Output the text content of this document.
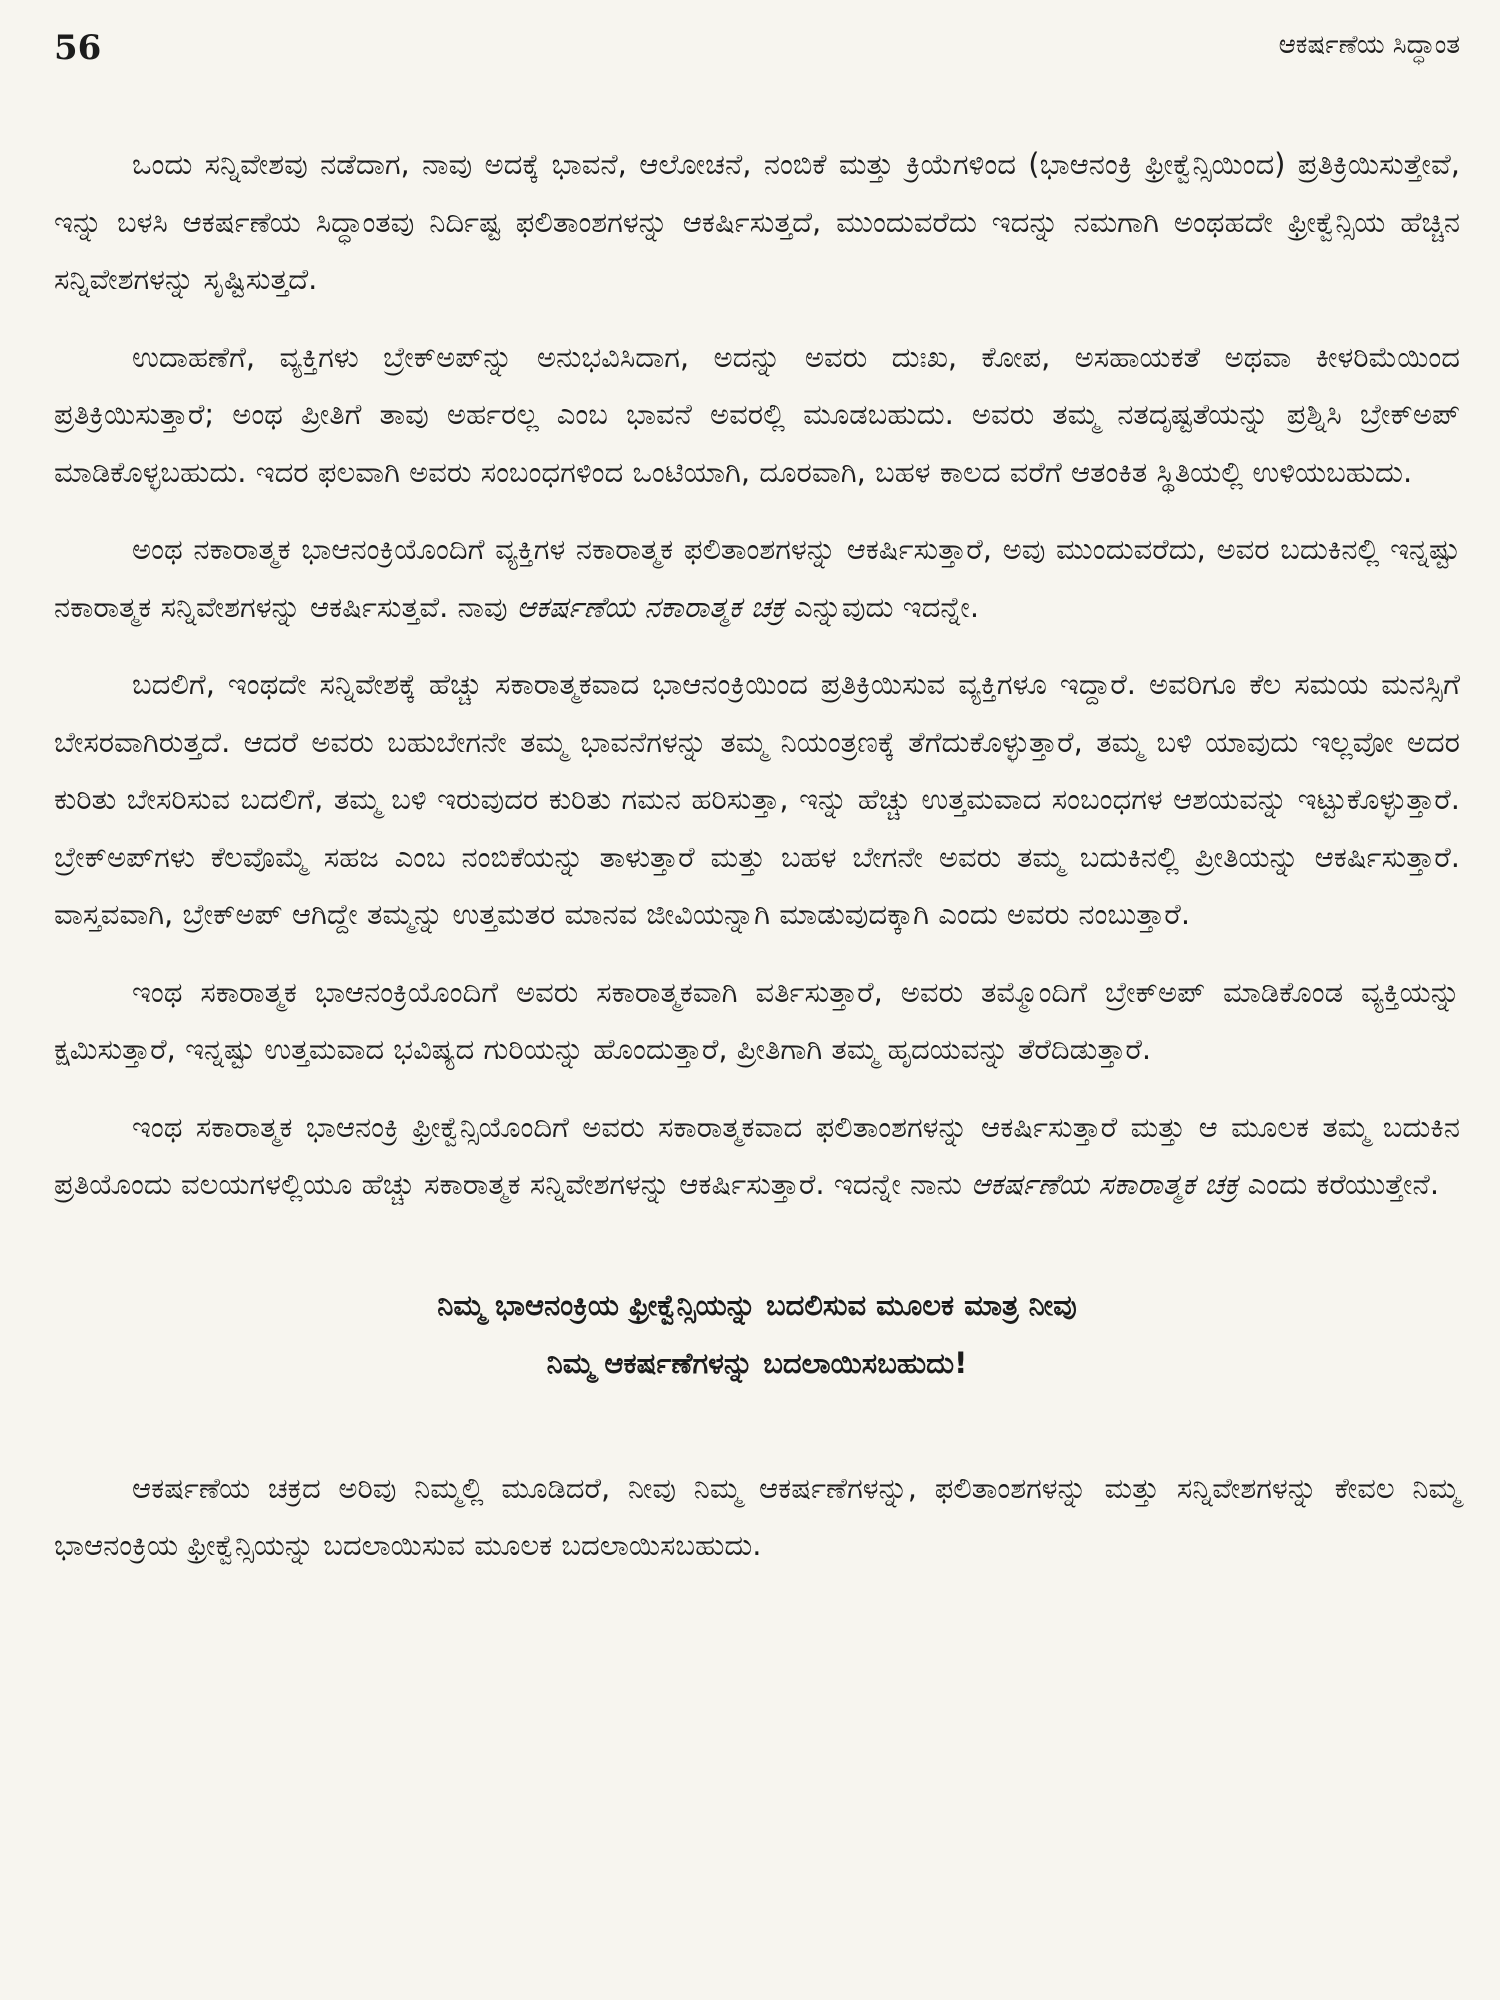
56	ಆಕರ್ಷಣೆಯ ಸಿದ್ಧಾಂತ

ಒಂದು ಸನ್ನಿವೇಶವು ನಡೆದಾಗ, ನಾವು ಅದಕ್ಕೆ ಭಾವನೆ, ಆಲೋಚನೆ, ನಂಬಿಕೆ ಮತ್ತು ಕ್ರಿಯೆಗಳಿಂದ (ಭಾಆನಂಕ್ರಿ ಫ್ರೀಕ್ವೆನ್ಸಿಯಿಂದ) ಪ್ರತಿಕ್ರಿಯಿಸುತ್ತೇವೆ, ಇನ್ನು ಬಳಸಿ ಆಕರ್ಷಣೆಯ ಸಿದ್ಧಾಂತವು ನಿರ್ದಿಷ್ಟ ಫಲಿತಾಂಶಗಳನ್ನು ಆಕರ್ಷಿಸುತ್ತದೆ, ಮುಂದುವರೆದು ಇದನ್ನು ನಮಗಾಗಿ ಅಂಥಹದೇ ಫ್ರೀಕ್ವೆನ್ಸಿಯ ಹೆಚ್ಚಿನ ಸನ್ನಿವೇಶಗಳನ್ನು ಸೃಷ್ಟಿಸುತ್ತದೆ.

ಉದಾಹಣೆಗೆ, ವ್ಯಕ್ತಿಗಳು ಬ್ರೇಕ್‌ಅಪ್‌ನ್ನು ಅನುಭವಿಸಿದಾಗ, ಅದನ್ನು ಅವರು ದುಃಖ, ಕೋಪ, ಅಸಹಾಯಕತೆ ಅಥವಾ ಕೀಳರಿಮೆಯಿಂದ ಪ್ರತಿಕ್ರಿಯಿಸುತ್ತಾರೆ; ಅಂಥ ಪ್ರೀತಿಗೆ ತಾವು ಅರ್ಹರಲ್ಲ ಎಂಬ ಭಾವನೆ ಅವರಲ್ಲಿ ಮೂಡಬಹುದು. ಅವರು ತಮ್ಮ ನತದೃಷ್ಟತೆಯನ್ನು ಪ್ರಶ್ನಿಸಿ ಬ್ರೇಕ್‌ಅಪ್ ಮಾಡಿಕೊಳ್ಳಬಹುದು. ಇದರ ಫಲವಾಗಿ ಅವರು ಸಂಬಂಧಗಳಿಂದ ಒಂಟಿಯಾಗಿ, ದೂರವಾಗಿ, ಬಹಳ ಕಾಲದ ವರೆಗೆ ಆತಂಕಿತ ಸ್ಥಿತಿಯಲ್ಲಿ ಉಳಿಯಬಹುದು.

ಅಂಥ ನಕಾರಾತ್ಮಕ ಭಾಆನಂಕ್ರಿಯೊಂದಿಗೆ ವ್ಯಕ್ತಿಗಳ ನಕಾರಾತ್ಮಕ ಫಲಿತಾಂಶಗಳನ್ನು ಆಕರ್ಷಿಸುತ್ತಾರೆ, ಅವು ಮುಂದುವರೆದು, ಅವರ ಬದುಕಿನಲ್ಲಿ ಇನ್ನಷ್ಟು ನಕಾರಾತ್ಮಕ ಸನ್ನಿವೇಶಗಳನ್ನು ಆಕರ್ಷಿಸುತ್ತವೆ. ನಾವು ಆಕರ್ಷಣೆಯ ನಕಾರಾತ್ಮಕ ಚಕ್ರ ಎನ್ನುವುದು ಇದನ್ನೇ.

ಬದಲಿಗೆ, ಇಂಥದೇ ಸನ್ನಿವೇಶಕ್ಕೆ ಹೆಚ್ಚು ಸಕಾರಾತ್ಮಕವಾದ ಭಾಆನಂಕ್ರಿಯಿಂದ ಪ್ರತಿಕ್ರಿಯಿಸುವ ವ್ಯಕ್ತಿಗಳೂ ಇದ್ದಾರೆ. ಅವರಿಗೂ ಕೆಲ ಸಮಯ ಮನಸ್ಸಿಗೆ ಬೇಸರವಾಗಿರುತ್ತದೆ. ಆದರೆ ಅವರು ಬಹುಬೇಗನೇ ತಮ್ಮ ಭಾವನೆಗಳನ್ನು ತಮ್ಮ ನಿಯಂತ್ರಣಕ್ಕೆ ತೆಗೆದುಕೊಳ್ಳುತ್ತಾರೆ, ತಮ್ಮ ಬಳಿ ಯಾವುದು ಇಲ್ಲವೋ ಅದರ ಕುರಿತು ಬೇಸರಿಸುವ ಬದಲಿಗೆ, ತಮ್ಮ ಬಳಿ ಇರುವುದರ ಕುರಿತು ಗಮನ ಹರಿಸುತ್ತಾ, ಇನ್ನು ಹೆಚ್ಚು ಉತ್ತಮವಾದ ಸಂಬಂಧಗಳ ಆಶಯವನ್ನು ಇಟ್ಟುಕೊಳ್ಳುತ್ತಾರೆ. ಬ್ರೇಕ್‌ಅಪ್‌ಗಳು ಕೆಲವೊಮ್ಮೆ ಸಹಜ ಎಂಬ ನಂಬಿಕೆಯನ್ನು ತಾಳುತ್ತಾರೆ ಮತ್ತು ಬಹಳ ಬೇಗನೇ ಅವರು ತಮ್ಮ ಬದುಕಿನಲ್ಲಿ ಪ್ರೀತಿಯನ್ನು ಆಕರ್ಷಿಸುತ್ತಾರೆ. ವಾಸ್ತವವಾಗಿ, ಬ್ರೇಕ್‌ಅಪ್ ಆಗಿದ್ದೇ ತಮ್ಮನ್ನು ಉತ್ತಮತರ ಮಾನವ ಜೀವಿಯನ್ನಾಗಿ ಮಾಡುವುದಕ್ಕಾಗಿ ಎಂದು ಅವರು ನಂಬುತ್ತಾರೆ.

ಇಂಥ ಸಕಾರಾತ್ಮಕ ಭಾಆನಂಕ್ರಿಯೊಂದಿಗೆ ಅವರು ಸಕಾರಾತ್ಮಕವಾಗಿ ವರ್ತಿಸುತ್ತಾರೆ, ಅವರು ತಮ್ಮೊಂದಿಗೆ ಬ್ರೇಕ್‌ಅಪ್ ಮಾಡಿಕೊಂಡ ವ್ಯಕ್ತಿಯನ್ನು ಕ್ಷಮಿಸುತ್ತಾರೆ, ಇನ್ನಷ್ಟು ಉತ್ತಮವಾದ ಭವಿಷ್ಯದ ಗುರಿಯನ್ನು ಹೊಂದುತ್ತಾರೆ, ಪ್ರೀತಿಗಾಗಿ ತಮ್ಮ ಹೃದಯವನ್ನು ತೆರೆದಿಡುತ್ತಾರೆ.

ಇಂಥ ಸಕಾರಾತ್ಮಕ ಭಾಆನಂಕ್ರಿ ಫ್ರೀಕ್ವೆನ್ಸಿಯೊಂದಿಗೆ ಅವರು ಸಕಾರಾತ್ಮಕವಾದ ಫಲಿತಾಂಶಗಳನ್ನು ಆಕರ್ಷಿಸುತ್ತಾರೆ ಮತ್ತು ಆ ಮೂಲಕ ತಮ್ಮ ಬದುಕಿನ ಪ್ರತಿಯೊಂದು ವಲಯಗಳಲ್ಲಿಯೂ ಹೆಚ್ಚು ಸಕಾರಾತ್ಮಕ ಸನ್ನಿವೇಶಗಳನ್ನು ಆಕರ್ಷಿಸುತ್ತಾರೆ. ಇದನ್ನೇ ನಾನು ಆಕರ್ಷಣೆಯ ಸಕಾರಾತ್ಮಕ ಚಕ್ರ ಎಂದು ಕರೆಯುತ್ತೇನೆ.

ನಿಮ್ಮ ಭಾಆನಂಕ್ರಿಯ ಫ್ರೀಕ್ವೆನ್ಸಿಯನ್ನು ಬದಲಿಸುವ ಮೂಲಕ ಮಾತ್ರ ನೀವು
ನಿಮ್ಮ ಆಕರ್ಷಣೆಗಳನ್ನು ಬದಲಾಯಿಸಬಹುದು!

ಆಕರ್ಷಣೆಯ ಚಕ್ರದ ಅರಿವು ನಿಮ್ಮಲ್ಲಿ ಮೂಡಿದರೆ, ನೀವು ನಿಮ್ಮ ಆಕರ್ಷಣೆಗಳನ್ನು, ಫಲಿತಾಂಶಗಳನ್ನು ಮತ್ತು ಸನ್ನಿವೇಶಗಳನ್ನು ಕೇವಲ ನಿಮ್ಮ ಭಾಆನಂಕ್ರಿಯ ಫ್ರೀಕ್ವೆನ್ಸಿಯನ್ನು ಬದಲಾಯಿಸುವ ಮೂಲಕ ಬದಲಾಯಿಸಬಹುದು.
